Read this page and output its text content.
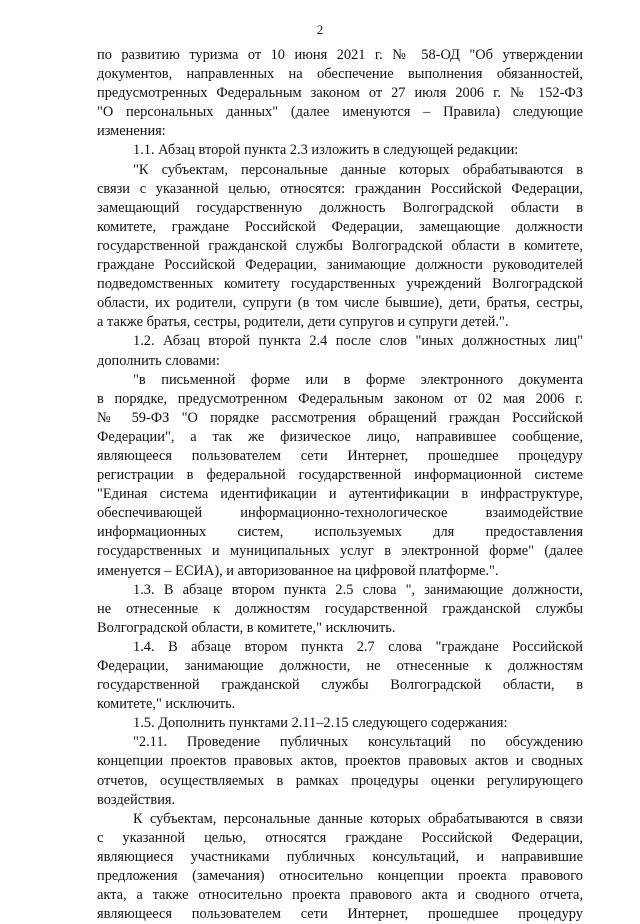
2
по развитию туризма от 10 июня 2021 г. № 58-ОД "Об утверждении
документов, направленных на обеспечение выполнения обязанностей,
предусмотренных Федеральным законом от 27 июля 2006 г. № 152-ФЗ
"О персональных данных" (далее именуются – Правила) следующие
изменения:
1.1. Абзац второй пункта 2.3 изложить в следующей редакции:
"К субъектам, персональные данные которых обрабатываются в
связи с указанной целью, относятся: гражданин Российской Федерации,
замещающий государственную должность Волгоградской области в
комитете, граждане Российской Федерации, замещающие должности
государственной гражданской службы Волгоградской области в комитете,
граждане Российской Федерации, занимающие должности руководителей
подведомственных комитету государственных учреждений Волгоградской
области, их родители, супруги (в том числе бывшие), дети, братья, сестры,
а также братья, сестры, родители, дети супругов и супруги детей.".
1.2. Абзац второй пункта 2.4 после слов "иных должностных лиц"
дополнить словами:
"в письменной форме или в форме электронного документа
в порядке, предусмотренном Федеральным законом от 02 мая 2006 г.
№ 59-ФЗ "О порядке рассмотрения обращений граждан Российской
Федерации", а так же физическое лицо, направившее сообщение,
являющееся пользователем сети Интернет, прошедшее процедуру
регистрации в федеральной государственной информационной системе
"Единая система идентификации и аутентификации в инфраструктуре,
обеспечивающей информационно-технологическое взаимодействие
информационных систем, используемых для предоставления
государственных и муниципальных услуг в электронной форме" (далее
именуется – ЕСИА), и авторизованное на цифровой платформе.".
1.3. В абзаце втором пункта 2.5 слова ", занимающие должности,
не отнесенные к должностям государственной гражданской службы
Волгоградской области, в комитете," исключить.
1.4. В абзаце втором пункта 2.7 слова "граждане Российской
Федерации, занимающие должности, не отнесенные к должностям
государственной гражданской службы Волгоградской области, в
комитете," исключить.
1.5. Дополнить пунктами 2.11–2.15 следующего содержания:
"2.11. Проведение публичных консультаций по обсуждению
концепции проектов правовых актов, проектов правовых актов и сводных
отчетов, осуществляемых в рамках процедуры оценки регулирующего
воздействия.
К субъектам, персональные данные которых обрабатываются в связи
с указанной целью, относятся граждане Российской Федерации,
являющиеся участниками публичных консультаций, и направившие
предложения (замечания) относительно концепции проекта правового
акта, а также относительно проекта правового акта и сводного отчета,
являющееся пользователем сети Интернет, прошедшее процедуру
